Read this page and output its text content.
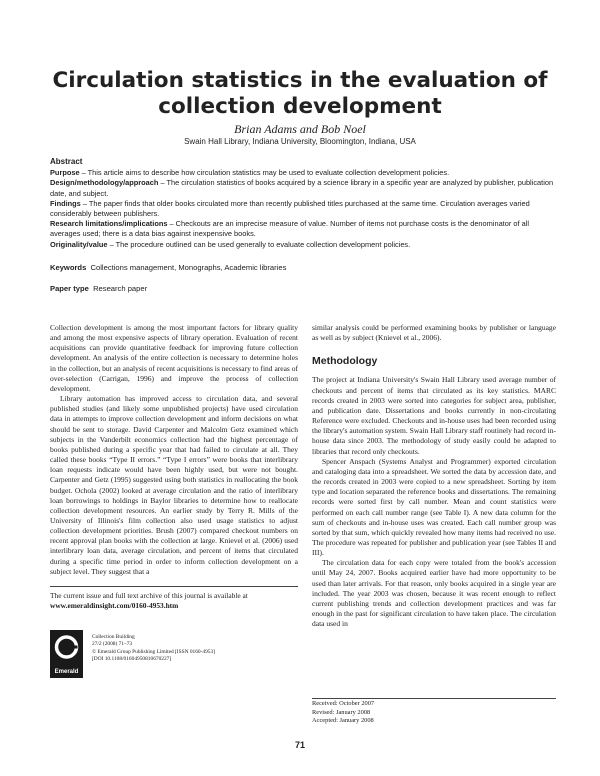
Circulation statistics in the evaluation of collection development
Brian Adams and Bob Noel
Swain Hall Library, Indiana University, Bloomington, Indiana, USA
Abstract

Purpose – This article aims to describe how circulation statistics may be used to evaluate collection development policies.

Design/methodology/approach – The circulation statistics of books acquired by a science library in a specific year are analyzed by publisher, publication date, and subject.

Findings – The paper finds that older books circulated more than recently published titles purchased at the same time. Circulation averages varied considerably between publishers.

Research limitations/implications – Checkouts are an imprecise measure of value. Number of items not purchase costs is the denominator of all averages used; there is a data bias against inexpensive books.

Originality/value – The procedure outlined can be used generally to evaluate collection development policies.

Keywords Collections management, Monographs, Academic libraries
Paper type Research paper

Collection development is among the most important factors for library quality and among the most expensive aspects of library operation. Evaluation of recent acquisitions can provide quantitative feedback for improving future collection development. An analysis of the entire collection is necessary to determine holes in the collection, but an analysis of recent acquisitions is necessary to find areas of over-selection (Carrigan, 1996) and improve the process of collection development.

Library automation has improved access to circulation data, and several published studies (and likely some unpublished projects) have used circulation data in attempts to improve collection development and inform decisions on what should be sent to storage. David Carpenter and Malcolm Getz examined which subjects in the Vanderbilt economics collection had the highest percentage of books published during a specific year that had failed to circulate at all. They called these books “Type II errors.” “Type I errors” were books that interlibrary loan requests indicate would have been highly used, but were not bought. Carpenter and Getz (1995) suggested using both statistics in reallocating the book budget. Ochola (2002) looked at average circulation and the ratio of interlibrary loan borrowings to holdings in Baylor libraries to determine how to reallocate collection development resources. An earlier study by Terry R. Mills of the University of Illinois's film collection also used usage statistics to adjust collection development priorities. Brush (2007) compared checkout numbers on recent approval plan books with the collection at large. Knievel et al. (2006) used interlibrary loan data, average circulation, and percent of items that circulated during a specific time period in order to inform collection development on a subject level. They suggest that a

similar analysis could be performed examining books by publisher or language as well as by subject (Knievel et al., 2006).

Methodology

The project at Indiana University's Swain Hall Library used average number of checkouts and percent of items that circulated as its key statistics. MARC records created in 2003 were sorted into categories for subject area, publisher, and publication date. Dissertations and books currently in non-circulating Reference were excluded. Checkouts and in-house uses had been recorded using the library's automation system. Swain Hall Library staff routinely had record in-house data since 2003. The methodology of study easily could be adapted to libraries that record only checkouts.

Spencer Anspach (Systems Analyst and Programmer) exported circulation and cataloging data into a spreadsheet. We sorted the data by accession date, and the records created in 2003 were copied to a new spreadsheet. Sorting by item type and location separated the reference books and dissertations. The remaining records were sorted first by call number. Mean and count statistics were performed on each call number range (see Table I). A new data column for the sum of checkouts and in-house uses was created. Each call number group was sorted by that sum, which quickly revealed how many items had received no use. The procedure was repeated for publisher and publication year (see Tables II and III).

The circulation data for each copy were totaled from the book's accession until May 24, 2007. Books acquired earlier have had more opportunity to be used than later arrivals. For that reason, only books acquired in a single year are included. The year 2003 was chosen, because it was recent enough to reflect current publishing trends and collection development practices and was far enough in the past for significant circulation to have taken place. The circulation data used in

The current issue and full text archive of this journal is available at
www.emeraldinsight.com/0160-4953.htm
Emerald
Collection Building
27/2 (2008) 71–73
© Emerald Group Publishing Limited [ISSN 0160-4953]
[DOI 10.1108/01604950810670227]
Received: October 2007
Revised: January 2008
Accepted: January 2008
71
